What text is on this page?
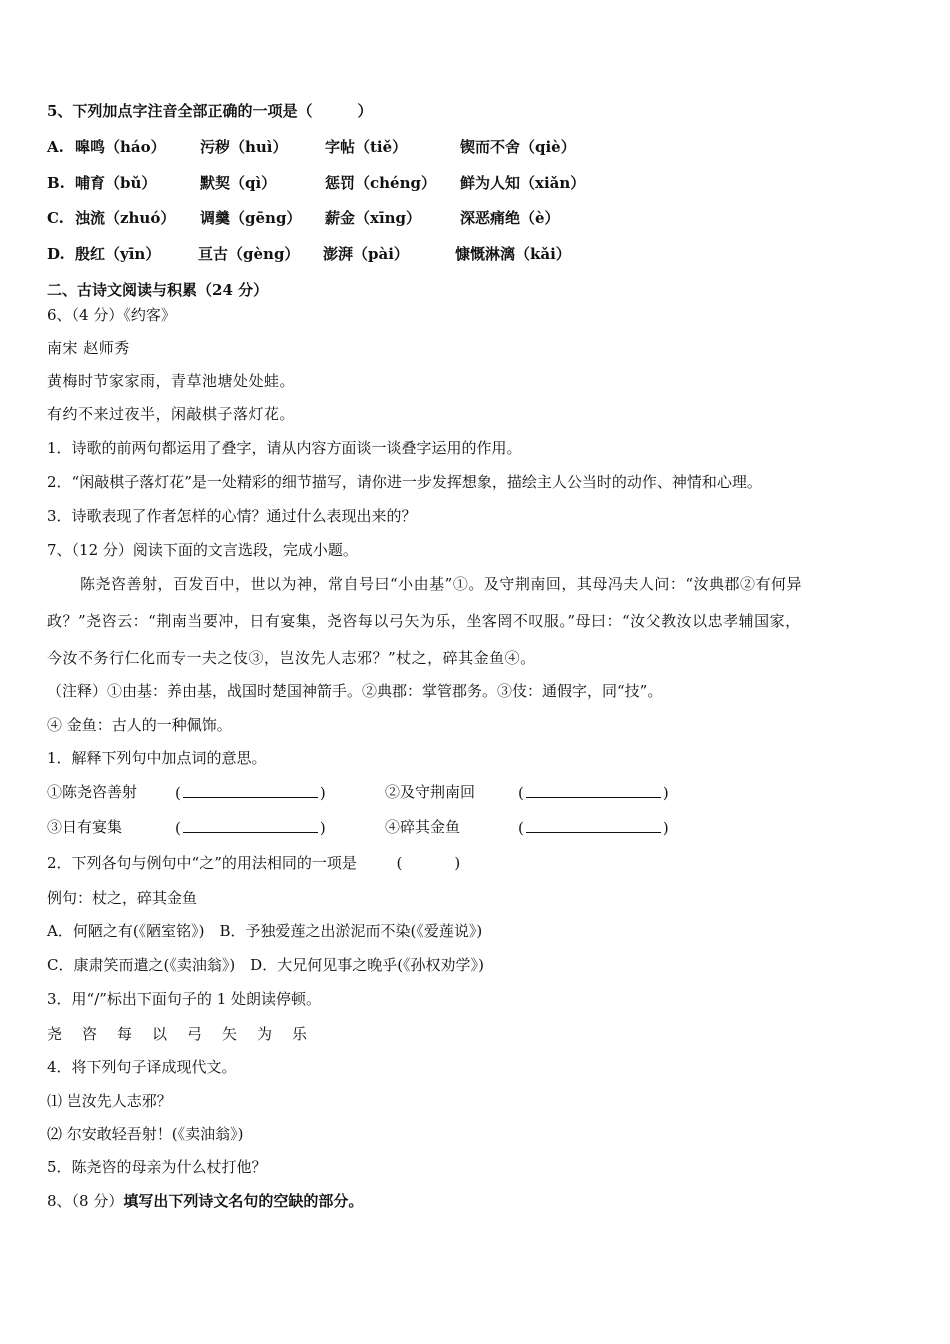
5、下列加点字注音全部正确的一项是（　　　）
A. 嗥鸣（háo） 污秽（huì） 字帖（tiě）	锲而不舍（qiè）
B. 哺育（bǔ）	默契（qì）	惩罚（chéng） 鲜为人知（xiǎn）
C. 浊流（zhuó） 调羹（gēng） 薪金（xīng）	深恶痛绝（è）
D. 殷红（yīn）	亘古（gèng） 澎湃（pài）	慷慨淋漓（kǎi）
二、古诗文阅读与积累（24 分）
6、（4 分）《约客》
南宋 赵师秀
黄梅时节家家雨，青草池塘处处蛙。
有约不来过夜半，闲敲棋子落灯花。
1．诗歌的前两句都运用了叠字，请从内容方面谈一谈叠字运用的作用。
2．“闲敲棋子落灯花”是一处精彩的细节描写，请你进一步发挥想象，描绘主人公当时的动作、神情和心理。
3．诗歌表现了作者怎样的心情？通过什么表现出来的？
7、（12 分）阅读下面的文言选段，完成小题。
陈尧咨善射，百发百中，世以为神，常自号曰“小由基”①。及守荆南回，其母冯夫人问：“汝典郡②有何异
政？”尧咨云：“荆南当要冲，日有宴集，尧咨每以弓矢为乐，坐客罔不叹服。”母曰：“汝父教汝以忠孝辅国家，
今汝不务行仁化而专一夫之伎③，岂汝先人志邪？”杖之，碎其金鱼④。
（注释）①由基：养由基，战国时楚国神箭手。②典郡：掌管郡务。③伎：通假字，同“技”。
④ 金鱼：古人的一种佩饰。
1．解释下列句中加点词的意思。
①陈尧咨善射	(	)	②及守荆南回	(	)
③日有宴集	(	)	④碎其金鱼	(	)
2．下列各句与例句中“之”的用法相同的一项是	(	)
例句：杖之，碎其金鱼
A．何陋之有(《陋室铭》)　B．予独爱莲之出淤泥而不染(《爱莲说》)
C．康肃笑而遣之(《卖油翁》)　D．大兄何见事之晚乎(《孙权劝学》)
3．用“/”标出下面句子的 1 处朗读停顿。
尧 咨 每 以 弓 矢 为 乐
4．将下列句子译成现代文。
⑴ 岂汝先人志邪？
⑵ 尔安敢轻吾射！(《卖油翁》)
5．陈尧咨的母亲为什么杖打他？
8、（8 分）填写出下列诗文名句的空缺的部分。
